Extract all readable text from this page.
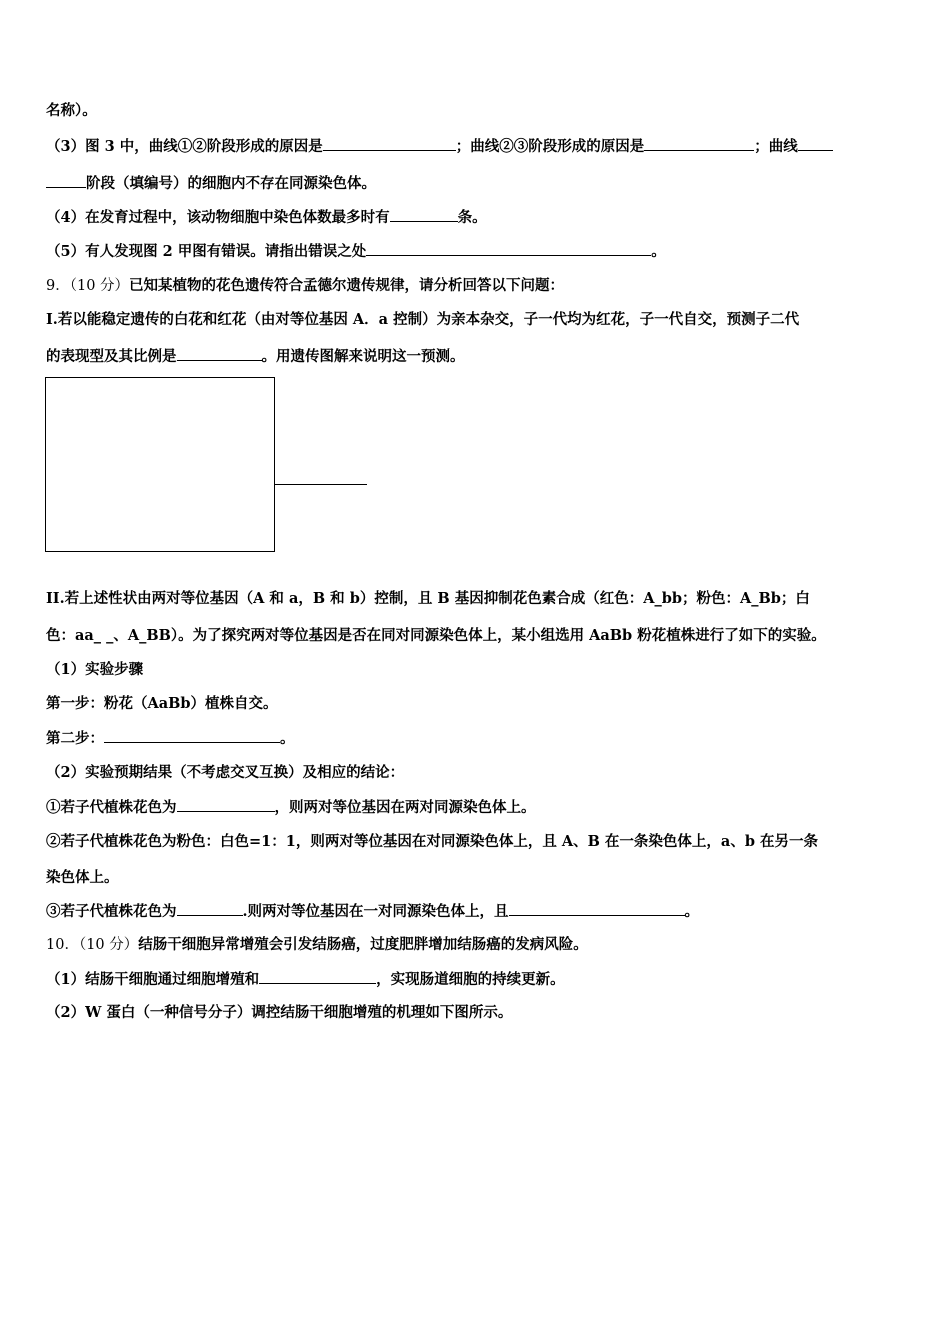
名称）。
（3）图 3 中，曲线①②阶段形成的原因是	；曲线②③阶段形成的原因是	；曲线
阶段（填编号）的细胞内不存在同源染色体。
（4）在发育过程中，该动物细胞中染色体数最多时有	条。
（5）有人发现图 2 甲图有错误。请指出错误之处	。
9．（10 分）已知某植物的花色遗传符合孟德尔遗传规律，请分析回答以下问题：
I.若以能稳定遗传的白花和红花（由对等位基因 A．a 控制）为亲本杂交，子一代均为红花，子一代自交，预测子二代
的表现型及其比例是	。用遗传图解来说明这一预测。
II.若上述性状由两对等位基因（A 和 a，B 和 b）控制，且 B 基因抑制花色素合成（红色：A_bb；粉色：A_Bb；白
色：aa_ _、A_BB）。为了探究两对等位基因是否在同对同源染色体上，某小组选用 AaBb 粉花植株进行了如下的实验。
（1）实验步骤
第一步：粉花（AaBb）植株自交。
第二步：	。
（2）实验预期结果（不考虑交叉互换）及相应的结论：
①若子代植株花色为	，则两对等位基因在两对同源染色体上。
②若子代植株花色为粉色：白色=1：1，则两对等位基因在对同源染色体上，且 A、B 在一条染色体上，a、b 在另一条
染色体上。
③若子代植株花色为	.则两对等位基因在一对同源染色体上，且	。
10．（10 分）结肠干细胞异常增殖会引发结肠癌，过度肥胖增加结肠癌的发病风险。
（1）结肠干细胞通过细胞增殖和	，实现肠道细胞的持续更新。
（2）W 蛋白（一种信号分子）调控结肠干细胞增殖的机理如下图所示。
